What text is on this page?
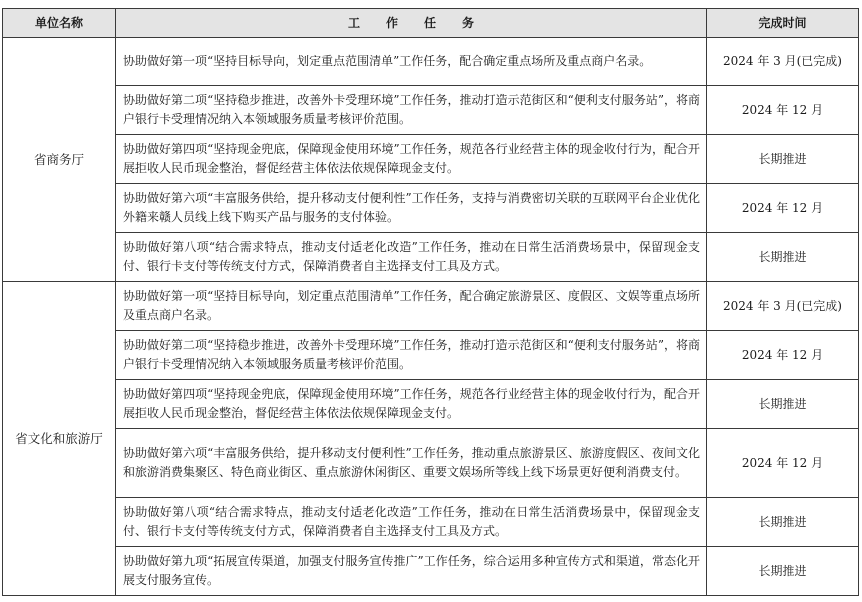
单位名称	工作任务	完成时间
省商务厅	协助做好第一项“坚持目标导向，划定重点范围清单”工作任务，配合确定重点场所及重点商户名录。	2024 年 3 月(已完成)
	协助做好第二项“坚持稳步推进，改善外卡受理环境”工作任务，推动打造示范街区和“便利支付服务站”，将商户银行卡受理情况纳入本领域服务质量考核评价范围。	2024 年 12 月
	协助做好第四项“坚持现金兜底，保障现金使用环境”工作任务，规范各行业经营主体的现金收付行为，配合开展拒收人民币现金整治，督促经营主体依法依规保障现金支付。	长期推进
	协助做好第六项“丰富服务供给，提升移动支付便利性”工作任务，支持与消费密切关联的互联网平台企业优化外籍来赣人员线上线下购买产品与服务的支付体验。	2024 年 12 月
	协助做好第八项“结合需求特点，推动支付适老化改造”工作任务，推动在日常生活消费场景中，保留现金支付、银行卡支付等传统支付方式，保障消费者自主选择支付工具及方式。	长期推进
省文化和旅游厅	协助做好第一项“坚持目标导向，划定重点范围清单”工作任务，配合确定旅游景区、度假区、文娱等重点场所及重点商户名录。	2024 年 3 月(已完成)
	协助做好第二项“坚持稳步推进，改善外卡受理环境”工作任务，推动打造示范街区和“便利支付服务站”，将商户银行卡受理情况纳入本领域服务质量考核评价范围。	2024 年 12 月
	协助做好第四项“坚持现金兜底，保障现金使用环境”工作任务，规范各行业经营主体的现金收付行为，配合开展拒收人民币现金整治，督促经营主体依法依规保障现金支付。	长期推进
	协助做好第六项“丰富服务供给，提升移动支付便利性”工作任务，推动重点旅游景区、旅游度假区、夜间文化和旅游消费集聚区、特色商业街区、重点旅游休闲街区、重要文娱场所等线上线下场景更好便利消费支付。	2024 年 12 月
	协助做好第八项“结合需求特点，推动支付适老化改造”工作任务，推动在日常生活消费场景中，保留现金支付、银行卡支付等传统支付方式，保障消费者自主选择支付工具及方式。	长期推进
	协助做好第九项“拓展宣传渠道，加强支付服务宣传推广”工作任务，综合运用多种宣传方式和渠道，常态化开展支付服务宣传。	长期推进
